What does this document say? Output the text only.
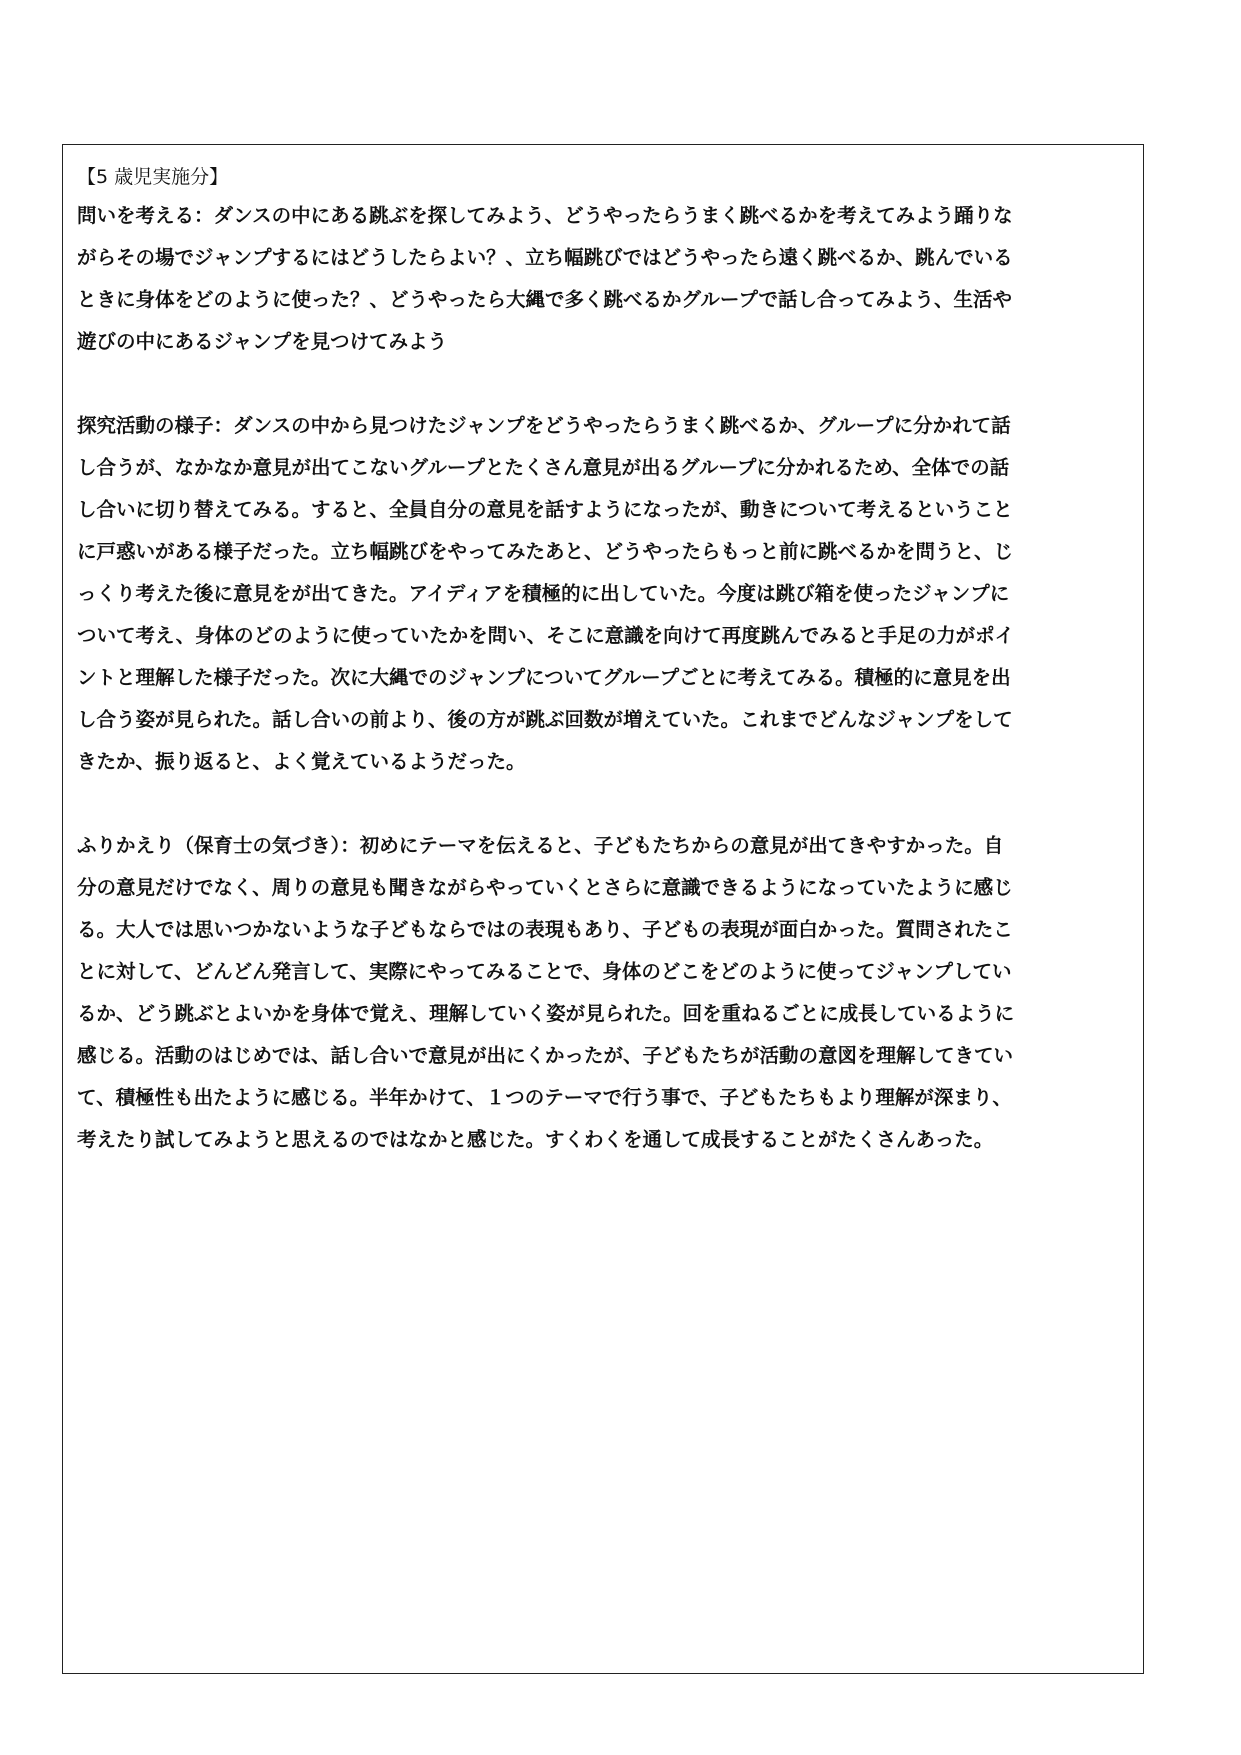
【5 歳児実施分】
問いを考える：ダンスの中にある跳ぶを探してみよう、どうやったらうまく跳べるかを考えてみよう踊りな
がらその場でジャンプするにはどうしたらよい？、立ち幅跳びではどうやったら遠く跳べるか、跳んでいる
ときに身体をどのように使った？、どうやったら大縄で多く跳べるかグループで話し合ってみよう、生活や
遊びの中にあるジャンプを見つけてみよう
探究活動の様子：ダンスの中から見つけたジャンプをどうやったらうまく跳べるか、グループに分かれて話
し合うが、なかなか意見が出てこないグループとたくさん意見が出るグループに分かれるため、全体での話
し合いに切り替えてみる。すると、全員自分の意見を話すようになったが、動きについて考えるということ
に戸惑いがある様子だった。立ち幅跳びをやってみたあと、どうやったらもっと前に跳べるかを問うと、じ
っくり考えた後に意見をが出てきた。アイディアを積極的に出していた。今度は跳び箱を使ったジャンプに
ついて考え、身体のどのように使っていたかを問い、そこに意識を向けて再度跳んでみると手足の力がポイ
ントと理解した様子だった。次に大縄でのジャンプについてグループごとに考えてみる。積極的に意見を出
し合う姿が見られた。話し合いの前より、後の方が跳ぶ回数が増えていた。これまでどんなジャンプをして
きたか、振り返ると、よく覚えているようだった。
ふりかえり（保育士の気づき）：初めにテーマを伝えると、子どもたちからの意見が出てきやすかった。自
分の意見だけでなく、周りの意見も聞きながらやっていくとさらに意識できるようになっていたように感じ
る。大人では思いつかないような子どもならではの表現もあり、子どもの表現が面白かった。質問されたこ
とに対して、どんどん発言して、実際にやってみることで、身体のどこをどのように使ってジャンプしてい
るか、どう跳ぶとよいかを身体で覚え、理解していく姿が見られた。回を重ねるごとに成長しているように
感じる。活動のはじめでは、話し合いで意見が出にくかったが、子どもたちが活動の意図を理解してきてい
て、積極性も出たように感じる。半年かけて、１つのテーマで行う事で、子どもたちもより理解が深まり、
考えたり試してみようと思えるのではなかと感じた。すくわくを通して成長することがたくさんあった。
